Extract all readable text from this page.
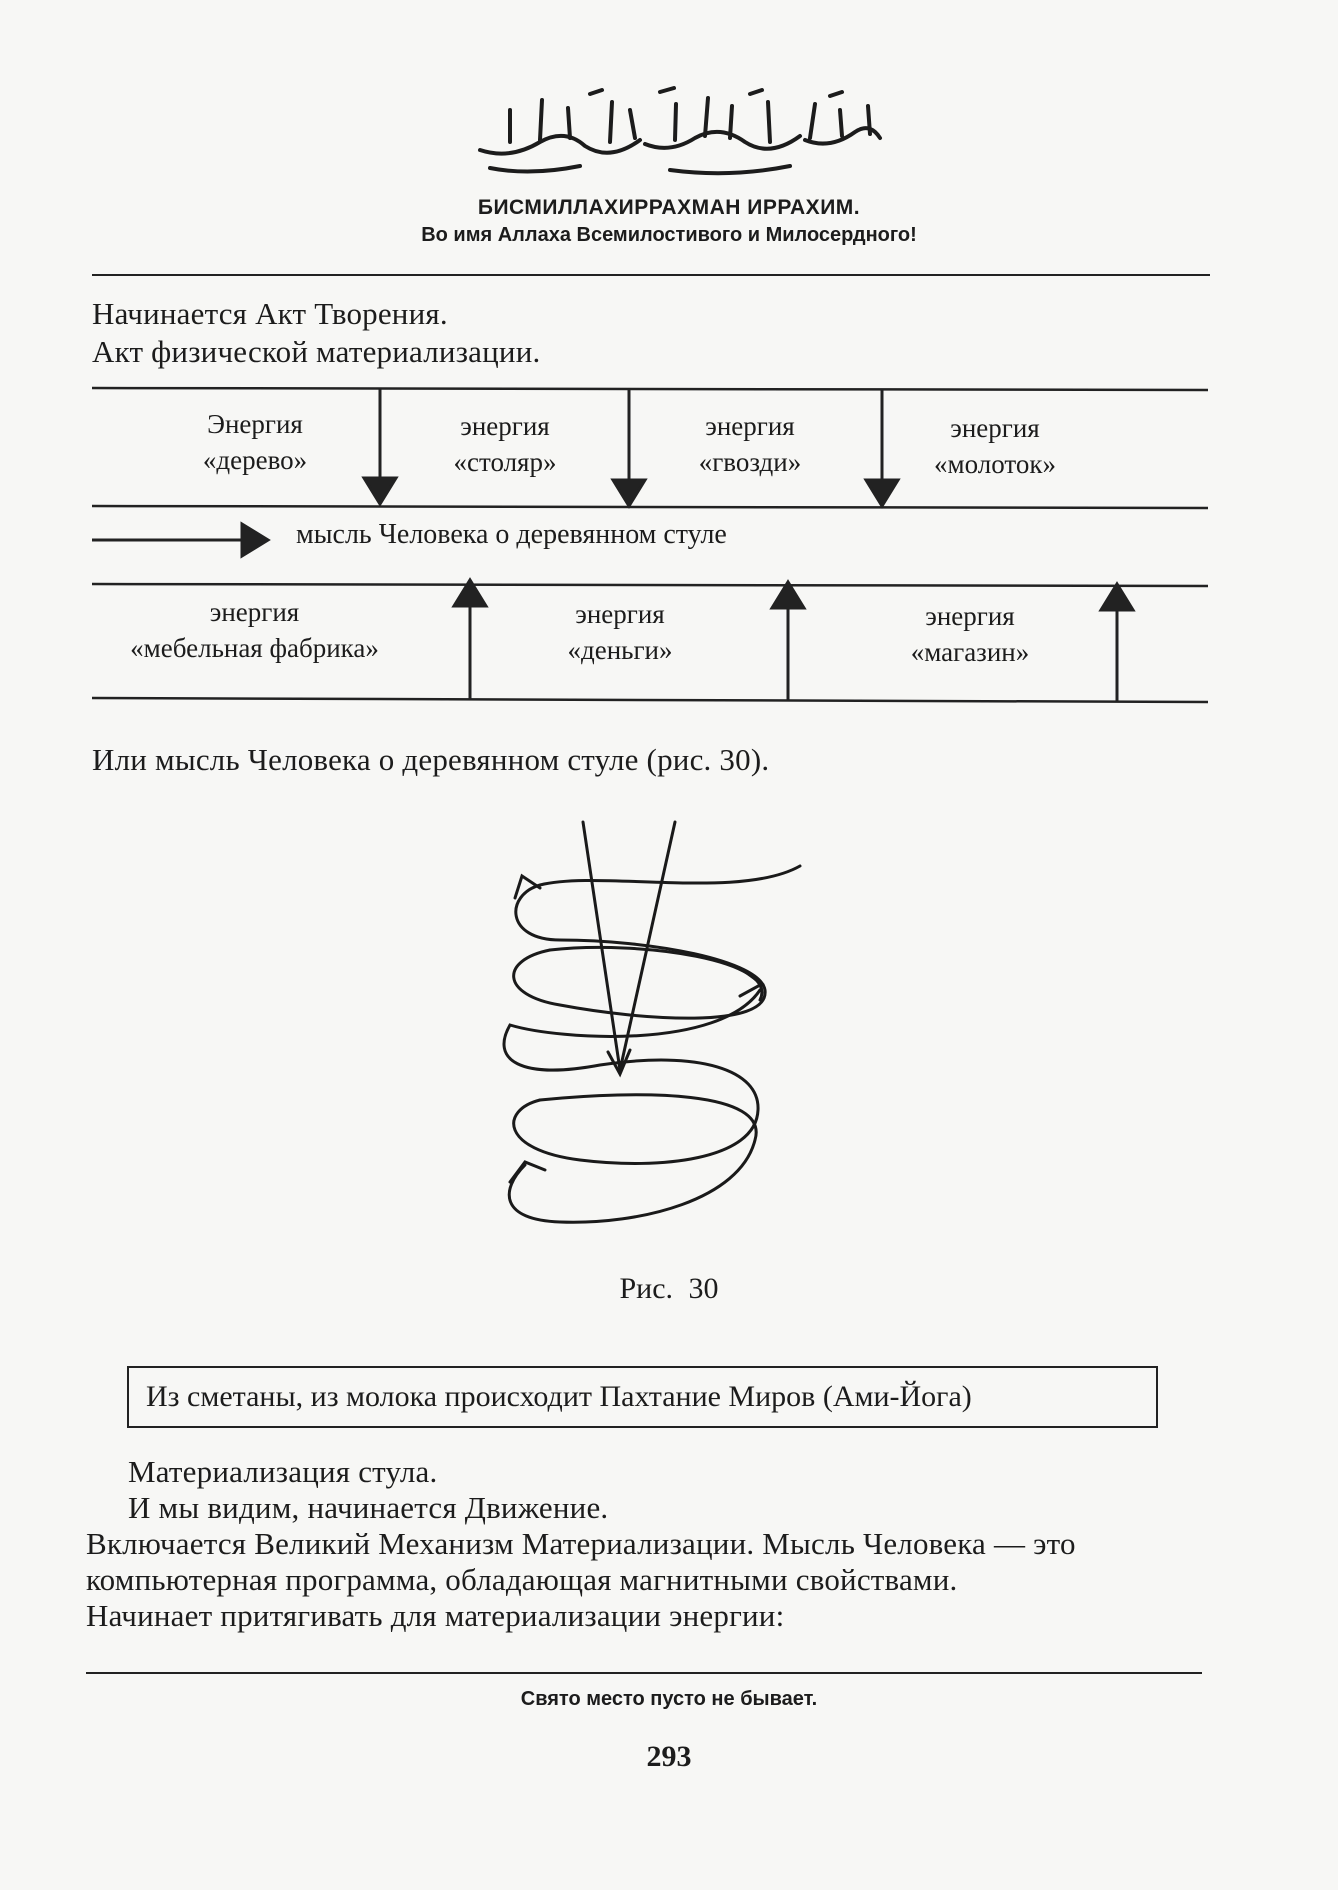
БИСМИЛЛАХИРРАХМАН ИРРАХИМ.
Во имя Аллаха Всемилостивого и Милосердного!
Начинается Акт Творения.
Акт физической материализации.
Энергия
«дерево»
энергия
«столяр»
энергия
«гвозди»
энергия
«молоток»
мысль Человека о деревянном стуле
энергия
«мебельная фабрика»
энергия
«деньги»
энергия
«магазин»
Или мысль Человека о деревянном стуле (рис. 30).
Рис. 30
Из сметаны, из молока происходит Пахтание Миров (Ами-Йога)
Материализация стула.
И мы видим, начинается Движение.
Включается Великий Механизм Материализации. Мысль Человека — это
компьютерная программа, обладающая магнитными свойствами.
Начинает притягивать для материализации энергии:
Свято место пусто не бывает.
293
